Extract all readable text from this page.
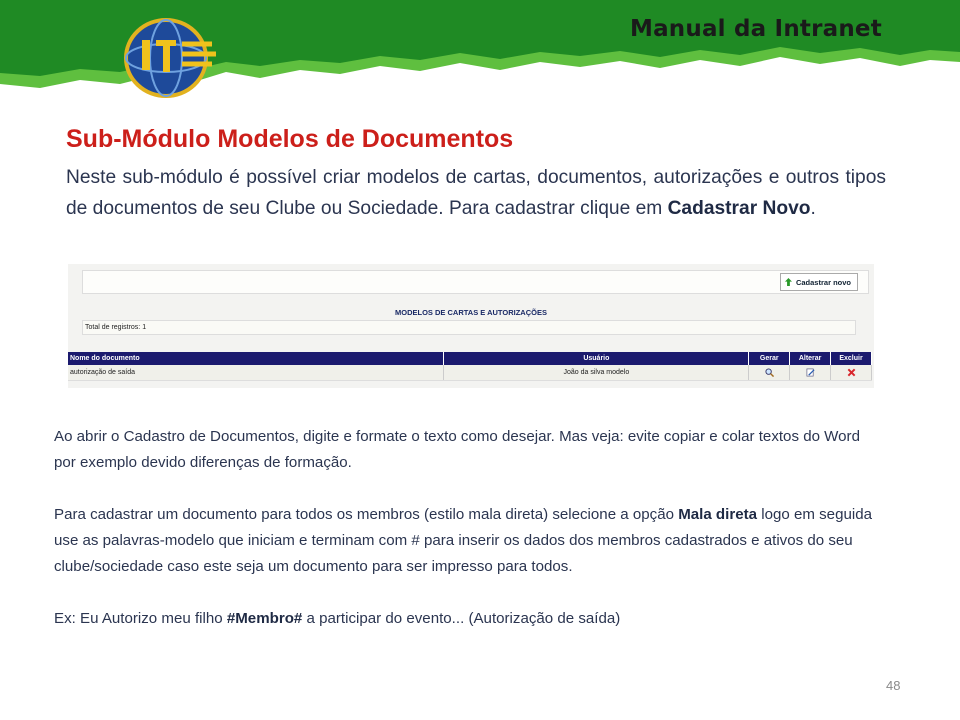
Manual da Intranet
Sub-Módulo Modelos de Documentos

Neste sub-módulo é possível criar modelos de cartas, documentos, autorizações e outros tipos de documentos de seu Clube ou Sociedade. Para cadastrar clique em Cadastrar Novo.

Cadastrar novo
MODELOS DE CARTAS E AUTORIZAÇÕES
Total de registros: 1
Nome do documento	Usuário	Gerar	Alterar	Excluir
autorização de saída	João da silva modelo			

Ao abrir o Cadastro de Documentos, digite e formate o texto como desejar. Mas veja: evite copiar e colar textos do Word por exemplo devido diferenças de formação.

Para cadastrar um documento para todos os membros (estilo mala direta) selecione a opção Mala direta logo em seguida use as palavras-modelo que iniciam e terminam com # para inserir os dados dos membros cadastrados e ativos do seu clube/sociedade caso este seja um documento para ser impresso para todos.

Ex: Eu Autorizo meu filho #Membro# a participar do evento... (Autorização de saída)

48
